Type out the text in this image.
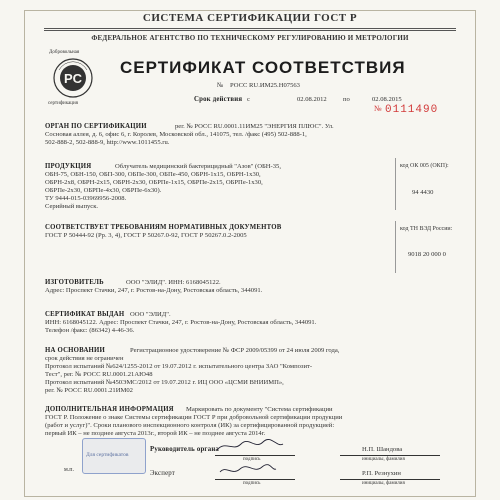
СИСТЕМА СЕРТИФИКАЦИИ ГОСТ Р
ФЕДЕРАЛЬНОЕ АГЕНТСТВО ПО ТЕХНИЧЕСКОМУ РЕГУЛИРОВАНИЮ И МЕТРОЛОГИИ
PC
Добровольная
сертификация
СЕРТИФИКАТ СООТВЕТСТВИЯ
№ РОСС RU.ИМ25.Н07563
Срок действия с	02.08.2012 по	02.08.2015
№ 0111490
ОРГАН ПО СЕРТИФИКАЦИИ	рег. № РОСС RU.0001.11ИМ25 "ЭНЕРГИЯ ПЛЮС". Ул.
Сосновая аллея, д. 6, офис 6, г. Королев, Московской обл., 141075, тел. /факс (495) 502-888-1,
502-888-2, 502-888-9, http://www.1011455.ru.
ПРОДУКЦИЯ	Облучатель медицинский бактерицидный "Азов" (ОБН-35,
ОБН-75, ОБН-150, ОБП-300, ОБПе-300, ОБПе-450, ОБРН-1х15, ОБРН-1х30,
ОБРН-2х8, ОБРН-2х15, ОБРН-2х30, ОБРПе-1х15, ОБРПе-2х15, ОБРПе-1х30,
ОБРПе-2х30, ОБРПе-4х30, ОБРПе-6х30).
ТУ 9444-015-03969956-2008.
Серийный выпуск.
код ОК 005 (ОКП):
94 4430
СООТВЕТСТВУЕТ ТРЕБОВАНИЯМ НОРМАТИВНЫХ ДОКУМЕНТОВ
ГОСТ Р 50444-92 (Рр. 3, 4), ГОСТ Р 50267.0-92, ГОСТ Р 50267.0.2-2005
код ТН ВЭД России:
9018 20 000 0
ИЗГОТОВИТЕЛЬ	ООО "ЭЛИД". ИНН: 6168045122.
Адрес: Проспект Стачки, 247, г. Ростов-на-Дону, Ростовская область, 344091.
СЕРТИФИКАТ ВЫДАН ООО "ЭЛИД".
ИНН: 6168045122. Адрес: Проспект Стачки, 247, г. Ростов-на-Дону, Ростовская область, 344091.
Телефон /факс: (86342) 4-46-36.
НА ОСНОВАНИИ	Регистрационное удостоверение № ФСР 2009/05399 от 24 июля 2009 года,
срок действия не ограничен
Протокол испытаний №624/1255-2012 от 19.07.2012 г. испытательного центра ЗАО "Композит-
Тест", рег. № РОСС RU.0001.21АЮ48
Протокол испытаний №450ЭМС/2012 от 19.07.2012 г. ИЦ ООО «ЦСМИ ВНИИМП»,
рег. № РОСС RU.0001.21ИМ02
ДОПОЛНИТЕЛЬНАЯ ИНФОРМАЦИЯ Маркировать по документу "Система сертификации
ГОСТ Р. Положение о знаке Системы сертификации ГОСТ Р при добровольной сертификации продукции
(работ и услуг)". Сроки планового инспекционного контроля (ИК) за сертифицированной продукцией:
первый ИК – не позднее августа 2013г., второй ИК – не позднее августа 2014г.
Для сертификатов
м.п.
Руководитель органа
подпись
Н.П. Шандова
инициалы, фамилия
Эксперт
подпись
Р.П. Резнухин
инициалы, фамилия
